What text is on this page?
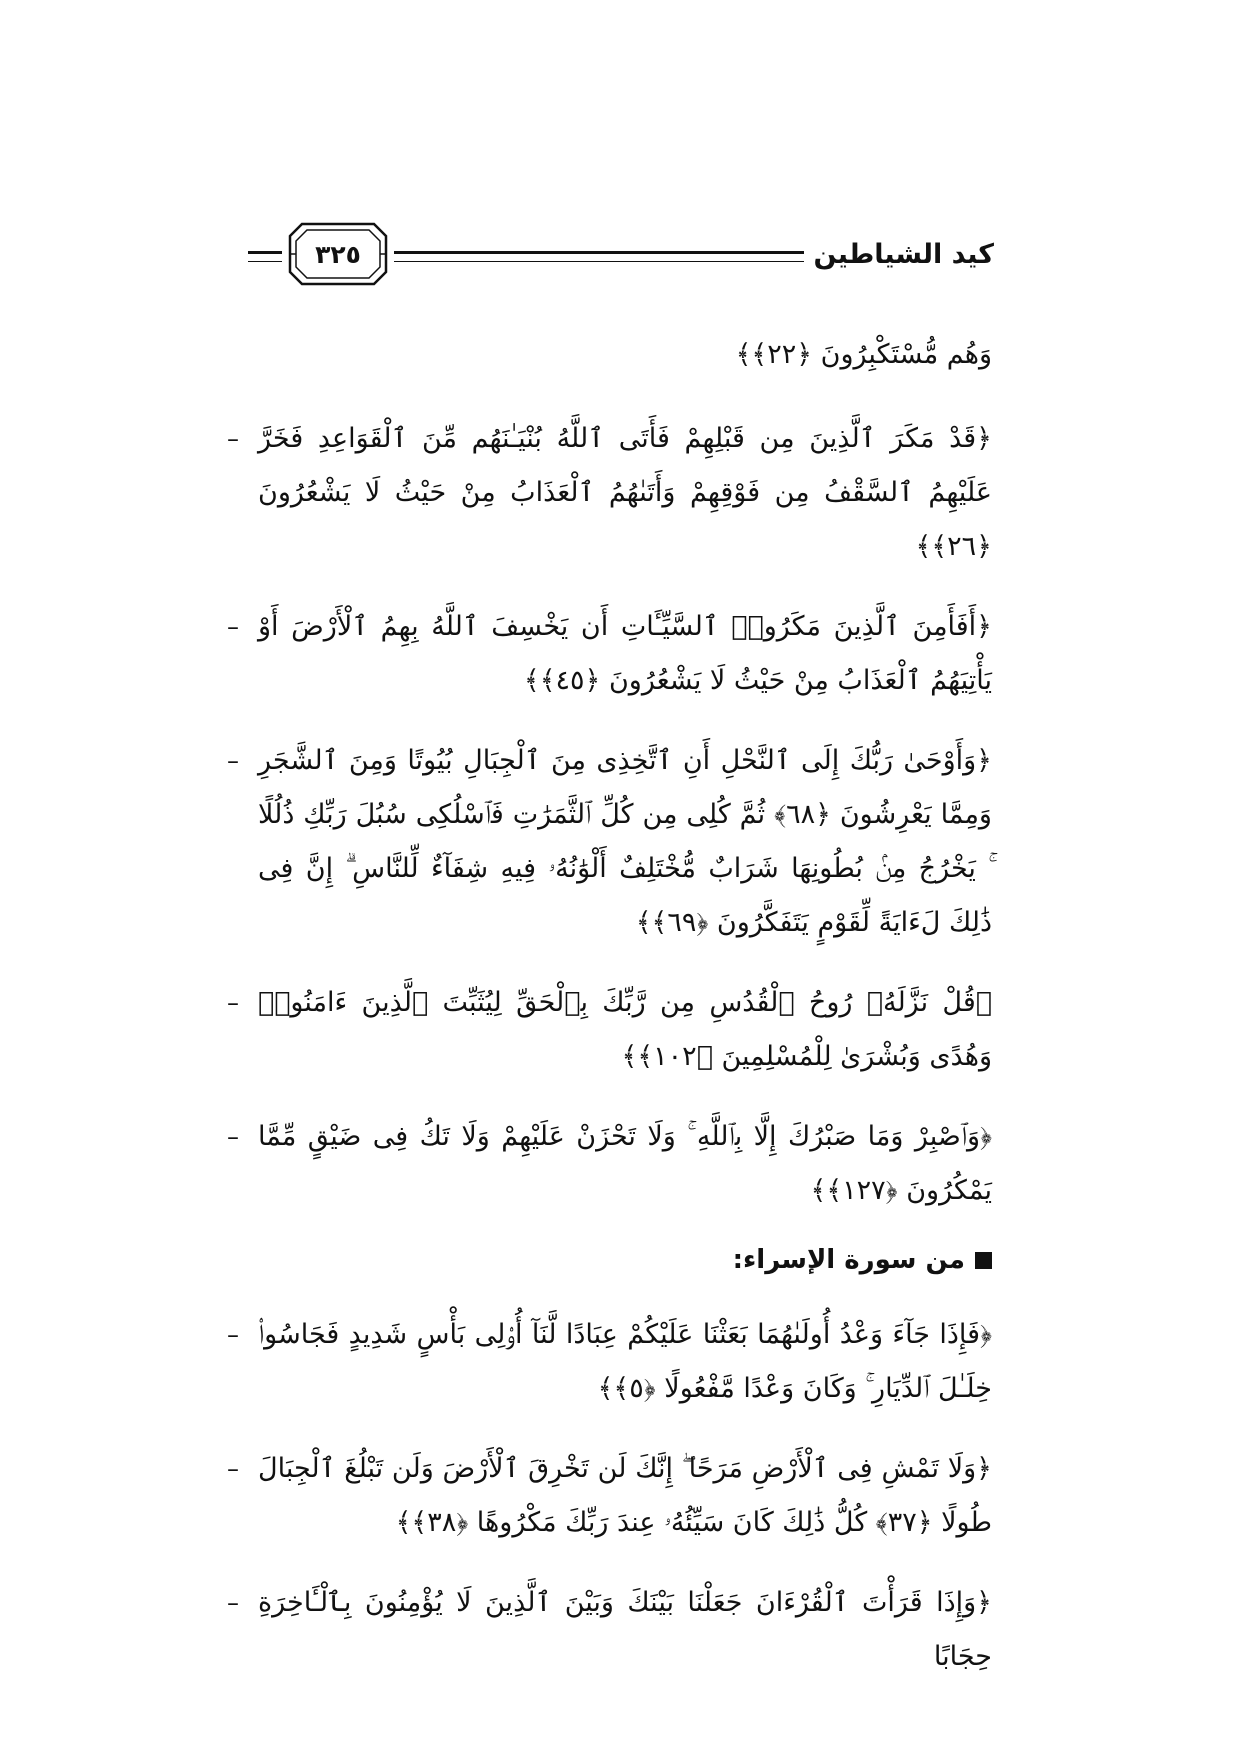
كيد الشياطين
٣٢٥
وَهُم مُّسْتَكْبِرُونَ ﴿٢٢﴾﴾
﴿قَدْ مَكَرَ ٱلَّذِينَ مِن قَبْلِهِمْ فَأَتَى ٱللَّهُ بُنْيَـٰنَهُم مِّنَ ٱلْقَوَاعِدِ فَخَرَّ عَلَيْهِمُ ٱلسَّقْفُ مِن فَوْقِهِمْ وَأَتَىٰهُمُ ٱلْعَذَابُ مِنْ حَيْثُ لَا يَشْعُرُونَ ﴿٢٦﴾﴾
–
﴿أَفَأَمِنَ ٱلَّذِينَ مَكَرُوا۟ ٱلسَّيِّـَٔاتِ أَن يَخْسِفَ ٱللَّهُ بِهِمُ ٱلْأَرْضَ أَوْ يَأْتِيَهُمُ ٱلْعَذَابُ مِنْ حَيْثُ لَا يَشْعُرُونَ ﴿٤٥﴾﴾
–
﴿وَأَوْحَىٰ رَبُّكَ إِلَى ٱلنَّحْلِ أَنِ ٱتَّخِذِى مِنَ ٱلْجِبَالِ بُيُوتًا وَمِنَ ٱلشَّجَرِ وَمِمَّا يَعْرِشُونَ ﴿٦٨﴾ ثُمَّ كُلِى مِن كُلِّ ٱلثَّمَرَٰتِ فَٱسْلُكِى سُبُلَ رَبِّكِ ذُلُلًا ۚ يَخْرُجُ مِنۢ بُطُونِهَا شَرَابٌ مُّخْتَلِفٌ أَلْوَٰنُهُۥ فِيهِ شِفَآءٌ لِّلنَّاسِ ۗ إِنَّ فِى ذَٰلِكَ لَءَايَةً لِّقَوْمٍ يَتَفَكَّرُونَ ﴿٦٩﴾﴾
–
﴿قُلْ نَزَّلَهُۥ رُوحُ ٱلْقُدُسِ مِن رَّبِّكَ بِٱلْحَقِّ لِيُثَبِّتَ ٱلَّذِينَ ءَامَنُوا۟ وَهُدًى وَبُشْرَىٰ لِلْمُسْلِمِينَ ﴿١٠٢﴾﴾
–
﴿وَٱصْبِرْ وَمَا صَبْرُكَ إِلَّا بِٱللَّهِ ۚ وَلَا تَحْزَنْ عَلَيْهِمْ وَلَا تَكُ فِى ضَيْقٍ مِّمَّا يَمْكُرُونَ ﴿١٢٧﴾﴾
–
من سورة الإسراء:
﴿فَإِذَا جَآءَ وَعْدُ أُولَىٰهُمَا بَعَثْنَا عَلَيْكُمْ عِبَادًا لَّنَآ أُو۟لِى بَأْسٍ شَدِيدٍ فَجَاسُوا۟ خِلَـٰلَ ٱلدِّيَارِ ۚ وَكَانَ وَعْدًا مَّفْعُولًا ﴿٥﴾﴾
–
﴿وَلَا تَمْشِ فِى ٱلْأَرْضِ مَرَحًا ۖ إِنَّكَ لَن تَخْرِقَ ٱلْأَرْضَ وَلَن تَبْلُغَ ٱلْجِبَالَ طُولًا ﴿٣٧﴾ كُلُّ ذَٰلِكَ كَانَ سَيِّئُهُۥ عِندَ رَبِّكَ مَكْرُوهًا ﴿٣٨﴾﴾
–
﴿وَإِذَا قَرَأْتَ ٱلْقُرْءَانَ جَعَلْنَا بَيْنَكَ وَبَيْنَ ٱلَّذِينَ لَا يُؤْمِنُونَ بِٱلْـَٔاخِرَةِ حِجَابًا
–
